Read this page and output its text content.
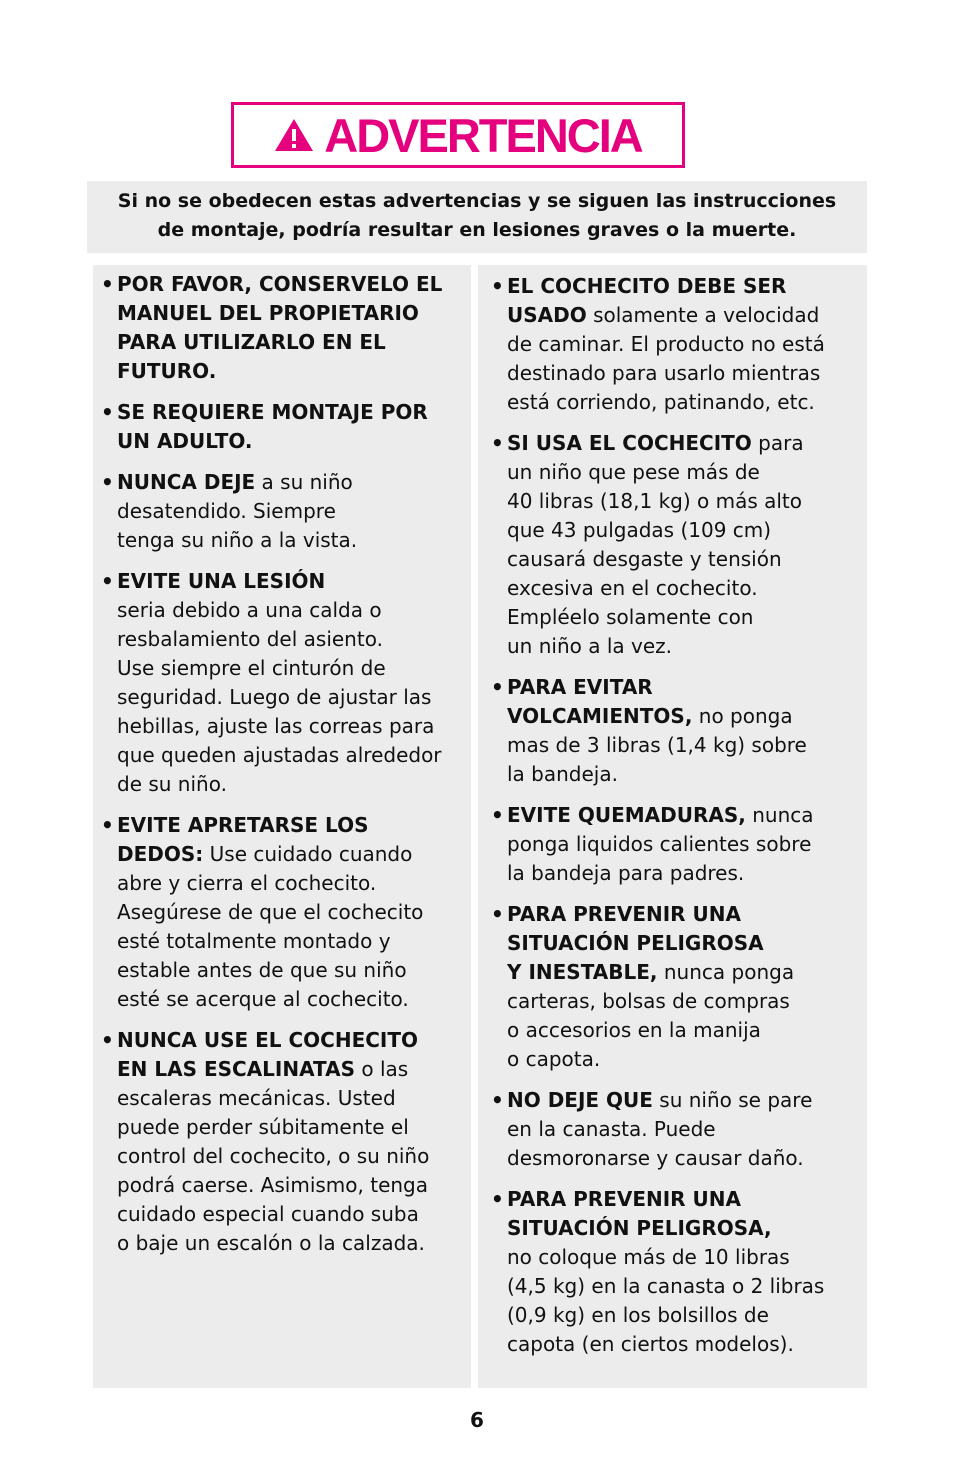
ADVERTENCIA
Si no se obedecen estas advertencias y se siguen las instrucciones
de montaje, podría resultar en lesiones graves o la muerte.
• POR FAVOR, CONSERVELO EL
MANUEL DEL PROPIETARIO
PARA UTILIZARLO EN EL
FUTURO.
• SE REQUIERE MONTAJE POR
UN ADULTO.
• NUNCA DEJE a su niño
desatendido. Siempre
tenga su niño a la vista.
• EVITE UNA LESIÓN
seria debido a una calda o
resbalamiento del asiento.
Use siempre el cinturón de
seguridad. Luego de ajustar las
hebillas, ajuste las correas para
que queden ajustadas alrededor
de su niño.
• EVITE APRETARSE LOS
DEDOS: Use cuidado cuando
abre y cierra el cochecito.
Asegúrese de que el cochecito
esté totalmente montado y
estable antes de que su niño
esté se acerque al cochecito.
• NUNCA USE EL COCHECITO
EN LAS ESCALINATAS o las
escaleras mecánicas. Usted
puede perder súbitamente el
control del cochecito, o su niño
podrá caerse. Asimismo, tenga
cuidado especial cuando suba
o baje un escalón o la calzada.
• EL COCHECITO DEBE SER
USADO solamente a velocidad
de caminar. El producto no está
destinado para usarlo mientras
está corriendo, patinando, etc.
• SI USA EL COCHECITO para
un niño que pese más de
40 libras (18,1 kg) o más alto
que 43 pulgadas (109 cm)
causará desgaste y tensión
excesiva en el cochecito.
Empléelo solamente con
un niño a la vez.
• PARA EVITAR
VOLCAMIENTOS, no ponga
mas de 3 libras (1,4 kg) sobre
la bandeja.
• EVITE QUEMADURAS, nunca
ponga liquidos calientes sobre
la bandeja para padres.
• PARA PREVENIR UNA
SITUACIÓN PELIGROSA
Y INESTABLE, nunca ponga
carteras, bolsas de compras
o accesorios en la manija
o capota.
• NO DEJE QUE su niño se pare
en la canasta. Puede
desmoronarse y causar daño.
• PARA PREVENIR UNA
SITUACIÓN PELIGROSA,
no coloque más de 10 libras
(4,5 kg) en la canasta o 2 libras
(0,9 kg) en los bolsillos de
capota (en ciertos modelos).
6
